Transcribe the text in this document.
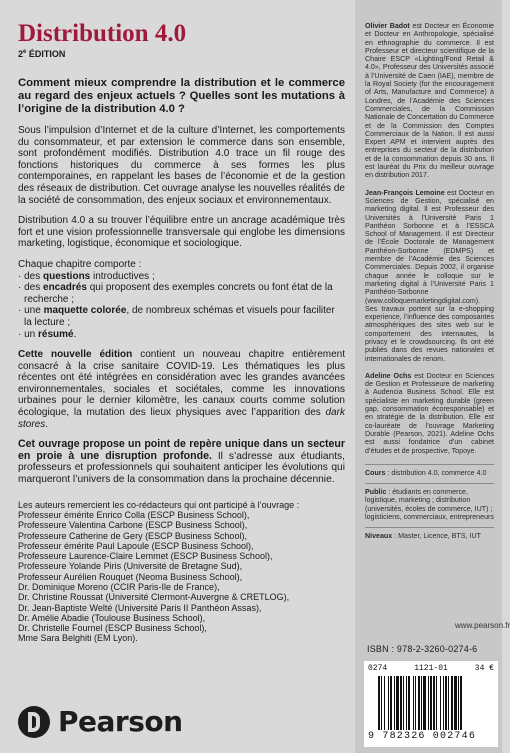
Distribution 4.0
2e ÉDITION
Comment mieux comprendre la distribution et le commerce au regard des enjeux actuels ? Quelles sont les mutations à l’origine de la distribution 4.0 ?

Sous l’impulsion d’Internet et de la culture d’Internet, les comportements du consommateur, et par extension le commerce dans son ensemble, sont profondément modifiés. Distribution 4.0 trace un fil rouge des fonctions historiques du commerce à ses formes les plus contemporaines, en rappelant les bases de l’économie et de la gestion des réseaux de distribution. Cet ouvrage analyse les nouvelles réalités de la société de consommation, des enjeux sociaux et environnementaux.

Distribution 4.0 a su trouver l’équilibre entre un ancrage académique très fort et une vision professionnelle transversale qui englobe les dimensions marketing, logistique, économique et sociologique.

Chaque chapitre comporte :
· des questions introductives ;
· des encadrés qui proposent des exemples concrets ou font état de la recherche ;
· une maquette colorée, de nombreux schémas et visuels pour faciliter la lecture ;
· un résumé.

Cette nouvelle édition contient un nouveau chapitre entièrement consacré à la crise sanitaire COVID-19. Les thématiques les plus récentes ont été intégrées en considération avec les grandes avancées environnementales, sociales et sociétales, comme les innovations urbaines pour le dernier kilomètre, les canaux courts comme solution écologique, la mutation des lieux physiques avec l’apparition des dark stores.

Cet ouvrage propose un point de repère unique dans un secteur en proie à une disruption profonde. Il s’adresse aux étudiants, professeurs et professionnels qui souhaitent anticiper les évolutions qui marqueront l’univers de la consommation dans la prochaine décennie.

Les auteurs remercient les co-rédacteurs qui ont participé à l’ouvrage :
Professeur émérite Enrico Colla (ESCP Business School),
Professeure Valentina Carbone (ESCP Business School),
Professeure Catherine de Gery (ESCP Business School),
Professeur émérite Paul Lapoule (ESCP Business School),
Professeure Laurence-Claire Lemmet (ESCP Business School),
Professeure Yolande Piris (Université de Bretagne Sud),
Professeur Aurélien Rouquet (Neoma Business School),
Dr. Dominique Moreno (CCIR Paris-Ile de France),
Dr. Christine Roussat (Université Clermont-Auvergne & CRETLOG),
Dr. Jean-Baptiste Welté (Université Paris II Panthéon Assas),
Dr. Amélie Abadie (Toulouse Business School),
Dr. Christelle Fournel (ESCP Business School),
Mme Sara Belghiti (EM Lyon).
Pearson
Olivier Badot est Docteur en Économie et Docteur en Anthropologie, spécialisé en ethnographie du commerce. Il est Professeur et directeur scientifique de la Chaire ESCP «Lighting/Fond Retail & 4.0», Professeur des Universités associé à l’Université de Caen (IAE), membre de la Royal Society (for the encouragement of Arts, Manufacture and Commerce) à Londres, de l’Académie des Sciences Commerciales, de la Commission Nationale de Concertation du Commerce et de la Commission des Comptes Commerciaux de la Nation. Il est aussi Expert APM et intervient auprès des entreprises du secteur de la distribution et de la consommation depuis 30 ans. Il est lauréat du Prix du meilleur ouvrage en distribution 2017.
Jean-François Lemoine est Docteur en Sciences de Gestion, spécialisé en marketing digital. Il est Professeur des Universités à l’Université Paris 1 Panthéon Sorbonne et à l’ESSCA School of Management. Il est Directeur de l’École Doctorale de Management Panthéon-Sorbonne (EDMPS) et membre de l’Académie des Sciences Commerciales. Depuis 2002, il organise chaque année le colloque sur le marketing digital à l’Université Paris 1 Panthéon-Sorbonne (www.colloquemarketingdigital.com). Ses travaux portent sur la e-shopping experience, l’influence des composantes atmosphériques des sites web sur le comportement des internautes, la privacy et le crowdsourcing. Ils ont été publiés dans des revues nationales et internationales de renom.
Adeline Ochs est Docteur en Sciences de Gestion et Professeure de marketing à Audencia Business School. Elle est spécialiste en marketing durable (green gap, consommation écoresponsable) et en stratégie de la distribution. Elle est co-lauréate de l’ouvrage Marketing Durable (Pearson, 2021). Adeline Ochs est aussi fondatrice d’un cabinet d’études et de prospective, Topoye.
Cours : distribution 4.0, commerce 4.0
Public : étudiants en commerce, logistique, marketing ; distribution (universités, écoles de commerce, IUT) ; logisticiens, commerciaux, entrepreneurs
Niveaux : Master, Licence, BTS, IUT
www.pearson.fr
ISBN : 978-2-3260-0274-6
0274	1121-01	34 €
9 782326 002746
